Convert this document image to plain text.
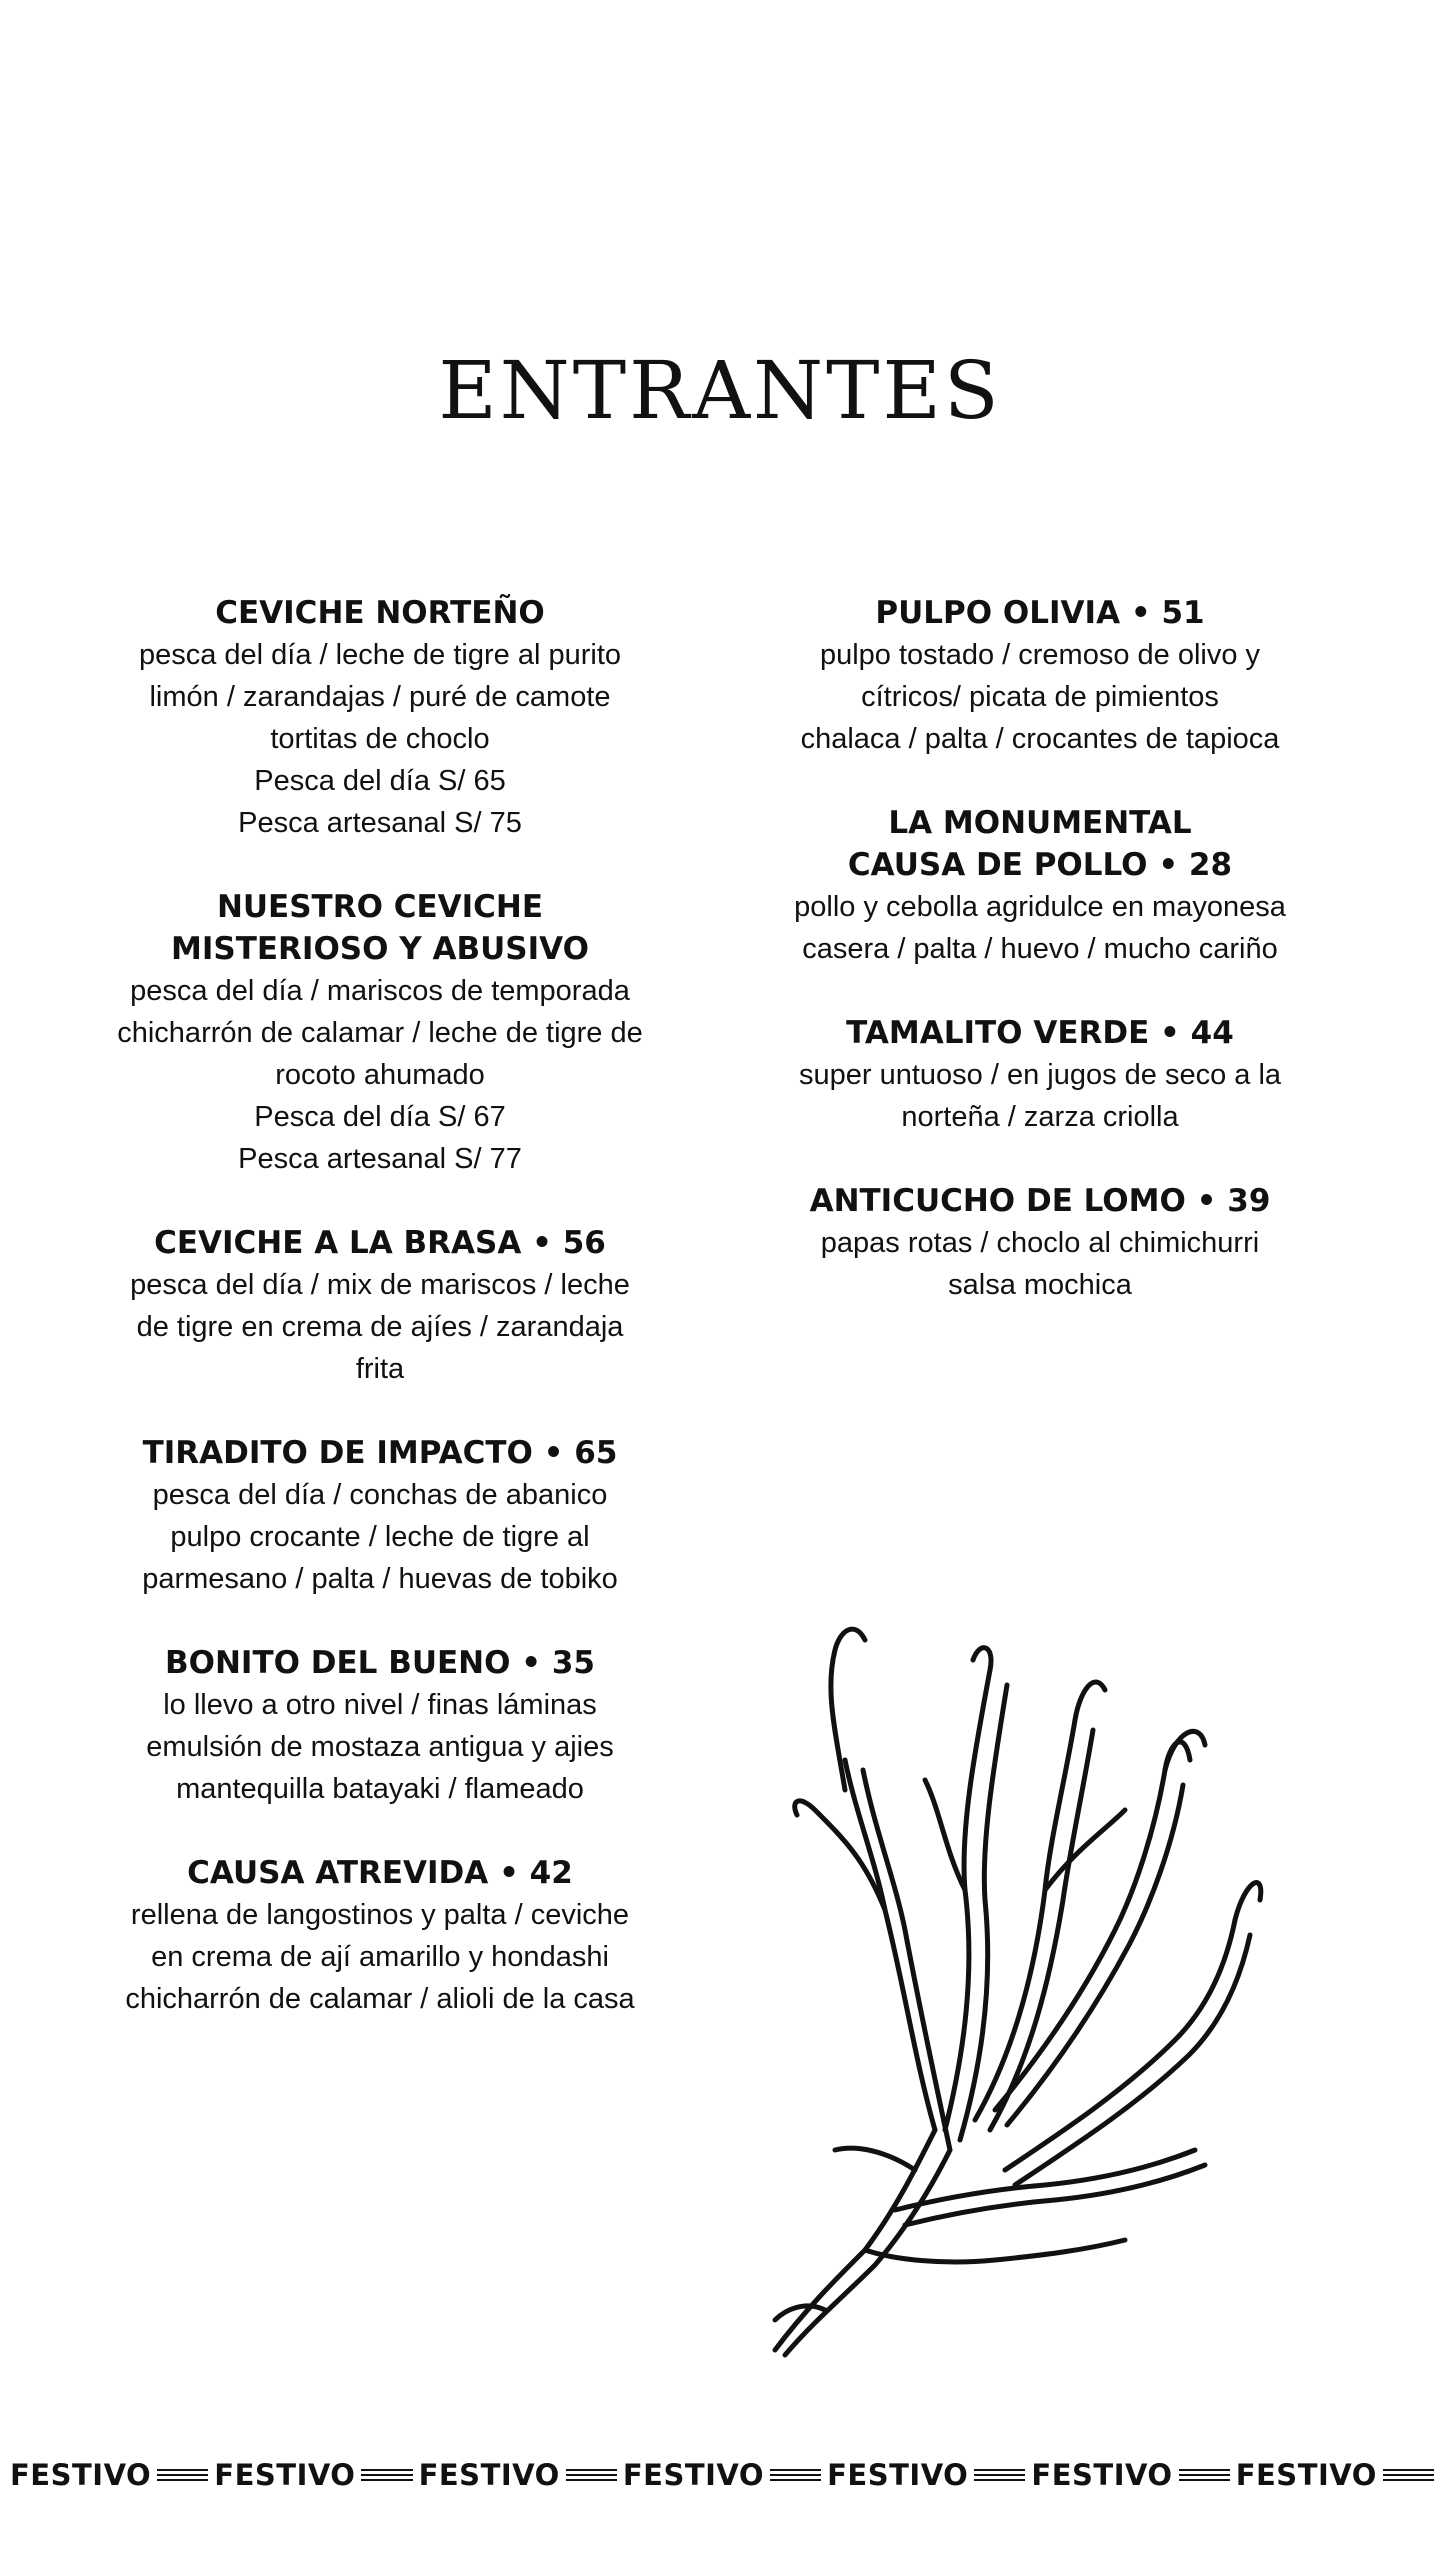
ENTRANTES
CEVICHE NORTEÑO
pesca del día / leche de tigre al purito
limón / zarandajas / puré de camote
tortitas de choclo
Pesca del día S/ 65
Pesca artesanal S/ 75
NUESTRO CEVICHE
MISTERIOSO Y ABUSIVO
pesca del día / mariscos de temporada
chicharrón de calamar / leche de tigre de
rocoto ahumado
Pesca del día S/ 67
Pesca artesanal S/ 77
CEVICHE A LA BRASA • 56
pesca del día / mix de mariscos / leche
de tigre en crema de ajíes / zarandaja
frita
TIRADITO DE IMPACTO • 65
pesca del día / conchas de abanico
pulpo crocante / leche de tigre al
parmesano / palta / huevas de tobiko
BONITO DEL BUENO • 35
lo llevo a otro nivel / finas láminas
emulsión de mostaza antigua y ajies
mantequilla batayaki / flameado
CAUSA ATREVIDA • 42
rellena de langostinos y palta / ceviche
en crema de ají amarillo y hondashi
chicharrón de calamar / alioli de la casa
PULPO OLIVIA • 51
pulpo tostado / cremoso de olivo y
cítricos/ picata de pimientos
chalaca / palta / crocantes de tapioca
LA MONUMENTAL
CAUSA DE POLLO • 28
pollo y cebolla agridulce en mayonesa
casera / palta / huevo / mucho cariño
TAMALITO VERDE • 44
super untuoso / en jugos de seco a la
norteña / zarza criolla
ANTICUCHO DE LOMO • 39
papas rotas / choclo al chimichurri
salsa mochica
FESTIVO FESTIVO FESTIVO FESTIVO FESTIVO FESTIVO FESTIVO
